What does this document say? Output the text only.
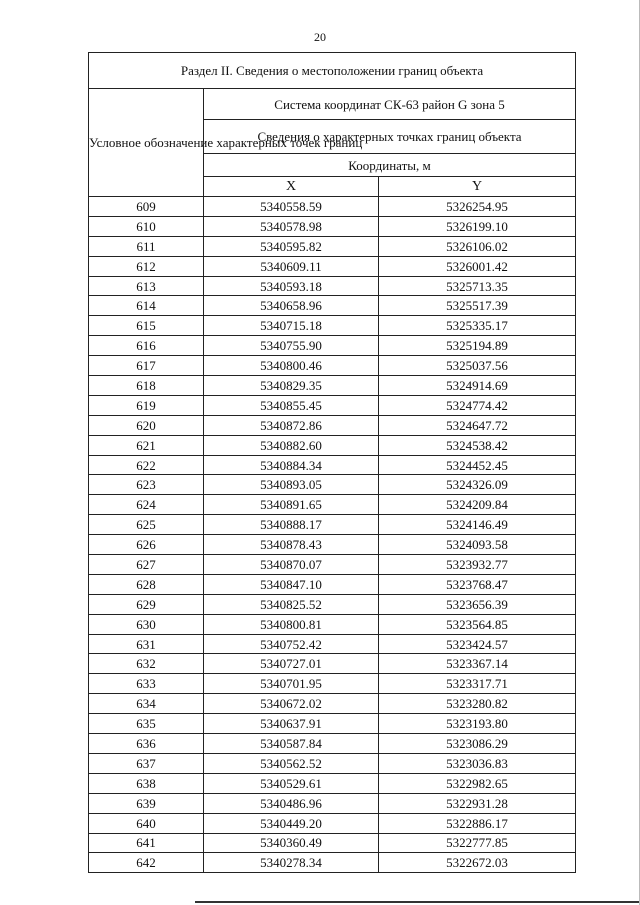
20
Раздел II. Сведения о местоположении границ объекта		
Условное обозначение характерных точек границ	Система координат СК-63 район G зона 5	
	Сведения о характерных точках границ объекта	
	Координаты, м	
	X	Y
609	5340558.59	5326254.95
610	5340578.98	5326199.10
611	5340595.82	5326106.02
612	5340609.11	5326001.42
613	5340593.18	5325713.35
614	5340658.96	5325517.39
615	5340715.18	5325335.17
616	5340755.90	5325194.89
617	5340800.46	5325037.56
618	5340829.35	5324914.69
619	5340855.45	5324774.42
620	5340872.86	5324647.72
621	5340882.60	5324538.42
622	5340884.34	5324452.45
623	5340893.05	5324326.09
624	5340891.65	5324209.84
625	5340888.17	5324146.49
626	5340878.43	5324093.58
627	5340870.07	5323932.77
628	5340847.10	5323768.47
629	5340825.52	5323656.39
630	5340800.81	5323564.85
631	5340752.42	5323424.57
632	5340727.01	5323367.14
633	5340701.95	5323317.71
634	5340672.02	5323280.82
635	5340637.91	5323193.80
636	5340587.84	5323086.29
637	5340562.52	5323036.83
638	5340529.61	5322982.65
639	5340486.96	5322931.28
640	5340449.20	5322886.17
641	5340360.49	5322777.85
642	5340278.34	5322672.03
